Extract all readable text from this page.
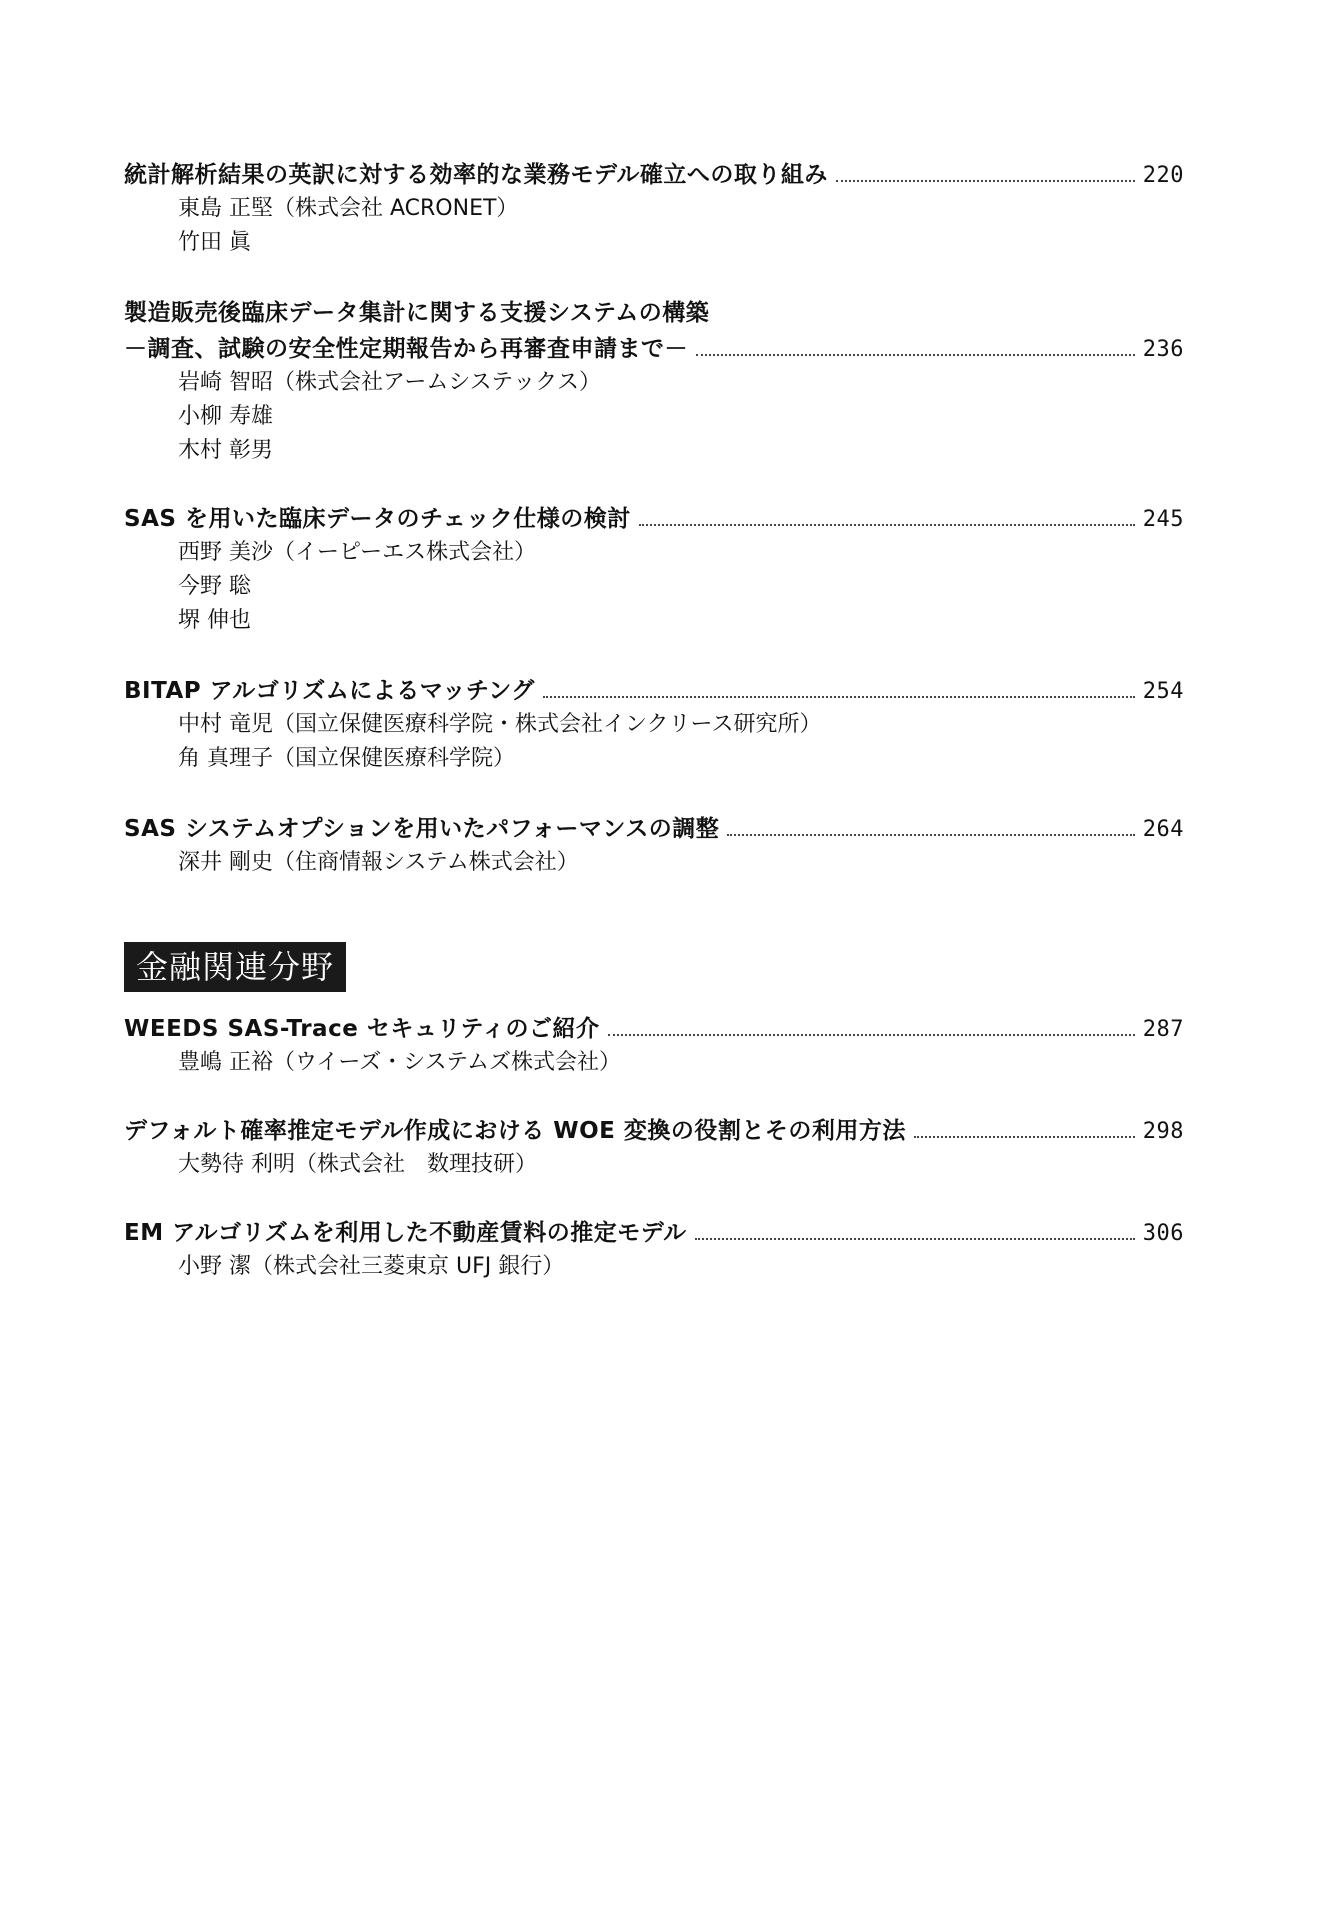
統計解析結果の英訳に対する効率的な業務モデル確立への取り組み	220
東島 正堅（株式会社 ACRONET）
竹田 眞
製造販売後臨床データ集計に関する支援システムの構築
－調査、試験の安全性定期報告から再審査申請まで－	236
岩崎 智昭（株式会社アームシステックス）
小柳 寿雄
木村 彰男
SAS を用いた臨床データのチェック仕様の検討	245
西野 美沙（イーピーエス株式会社）
今野 聡
堺 伸也
BITAP アルゴリズムによるマッチング	254
中村 竜児（国立保健医療科学院・株式会社インクリース研究所）
角 真理子（国立保健医療科学院）
SAS システムオプションを用いたパフォーマンスの調整	264
深井 剛史（住商情報システム株式会社）
金融関連分野
WEEDS SAS-Trace セキュリティのご紹介	287
豊嶋 正裕（ウイーズ・システムズ株式会社）
デフォルト確率推定モデル作成における WOE 変換の役割とその利用方法	298
大勢待 利明（株式会社　数理技研）
EM アルゴリズムを利用した不動産賃料の推定モデル	306
小野 潔（株式会社三菱東京 UFJ 銀行）
